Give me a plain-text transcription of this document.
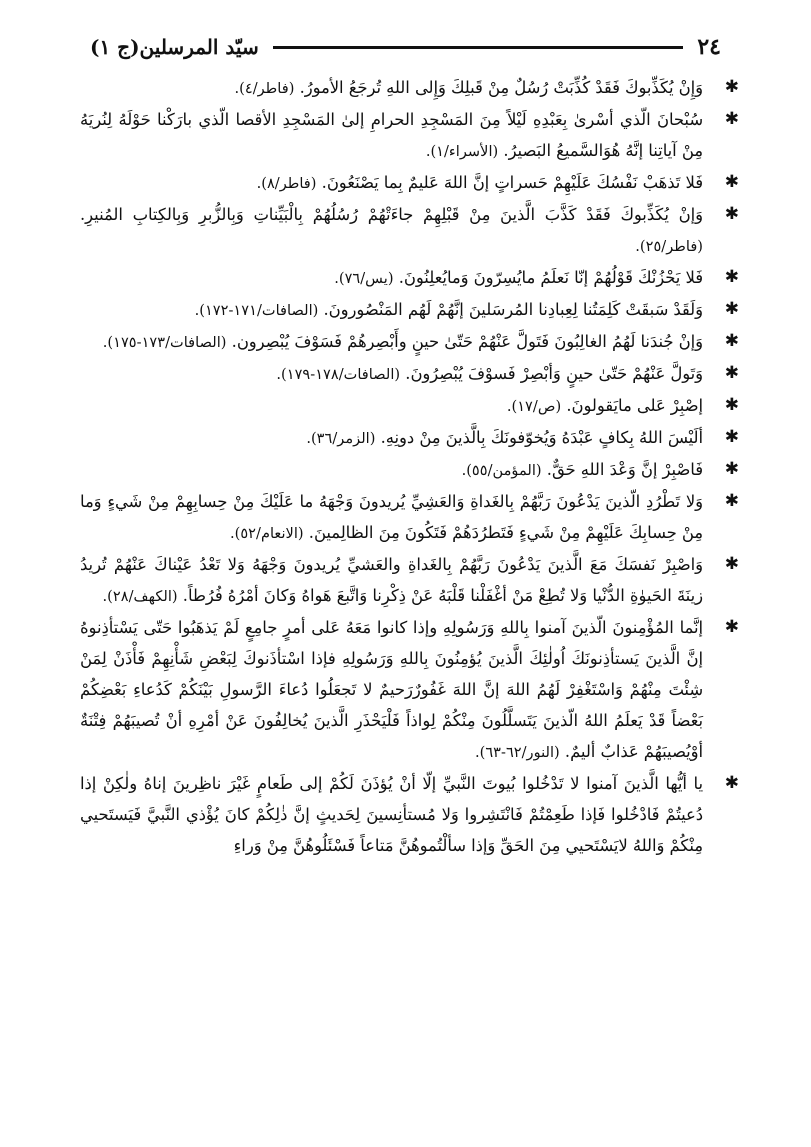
٢٤
سيّد المرسلين(ج ١)

✱
وَإِنْ يُكَذِّبوكَ فَقَدْ كُذِّبَتْ رُسُلٌ مِنْ قَبلِكَ وَإِلى اللهِ تُرجَعُ الأمورُ. (فاطر/٤).

✱
سُبْحانَ الّذي أسْرىٰ بِعَبْدِهِ لَيْلاً مِنَ المَسْجِدِ الحرامِ إلىٰ المَسْجِدِ الأقصا الّذي بارَكْنا حَوْلَهُ لِنُريَهُ مِنْ آياتِنا إنَّهُ هُوَالسَّميعُ البَصيرُ. (الأسراء/١).

✱
فَلا تَذهَبْ نَفْسُكَ عَلَيْهِمْ حَسراتٍ إنَّ اللهَ عَليمٌ بِما يَصْنَعُونَ. (فاطر/٨).

✱
وَإنْ يُكَذِّبوكَ فَقَدْ كَذَّبَ الَّذينَ مِنْ قَبْلِهِمْ جاءَتْهُمْ رُسُلُهُمْ بِالْبَيِّناتِ وَبِالزُّبرِ وَبِالكِتابِ المُنيرِ. (فاطر/٢٥).

✱
فَلا يَحْزُنْكَ قَوْلُهُمْ إنّا نَعلَمُ مايُسِرّونَ وَمايُعلِنُونَ. (يس/٧٦).

✱
وَلَقَدْ سَبقَتْ كَلِمَتُنا لِعِبادِنا المُرسَلينَ إنَّهُمْ لَهُم المَنْصُورونَ. (الصافات/١٧١-١٧٢).

✱
وَإنْ جُندَنا لَهُمُ الغالِبُونَ فَتَولَّ عَنْهُمْ حَتّىٰ حينٍ وأَبْصِرهُمْ فَسَوْفَ يُبْصِرون. (الصافات/١٧٣-١٧٥).

✱
وَتَولَّ عَنْهُمْ حَتّىٰ حينٍ وَأبْصِرْ فَسوْفَ يُبْصِرُونَ. (الصافات/١٧٨-١٧٩).

✱
إصْبِرْ عَلى مايَقولونَ. (ص/١٧).

✱
ألَيْسَ اللهُ بِكافٍ عَبْدَهُ وَيُخوّفونَكَ بِالَّذينَ مِنْ دونِهِ. (الزمر/٣٦).

✱
فَاصْبِرْ إنَّ وَعْدَ اللهِ حَقٌّ. (المؤمن/٥٥).

✱
وَلا تَطْرُدِ الّذينَ يَدْعُونَ رَبَّهُمْ بِالغَداةِ وَالعَشِيِّ يُريدونَ وَجْهَهُ ما عَلَيْكَ مِنْ حِسابِهِمْ مِنْ شَيءٍ وَما مِنْ حِسابِكَ عَلَيْهِمْ مِنْ شَيءٍ فَتَطرُدَهُمْ فَتَكُونَ مِنَ الظالِمينَ. (الانعام/٥٢).

✱
وَاصْبِرْ نَفسَكَ مَعَ الَّذينَ يَدْعُونَ رَبَّهُمْ بِالغَداةِ والعَشيِّ يُريدونَ وَجْهَهُ وَلا تَعْدُ عَيْناكَ عَنْهُمْ تُريدُ زينَةَ الحَيوٰةِ الدُّنْيا وَلا تُطِعْ مَنْ أغْفَلْنا قَلْبَهُ عَنْ ذِكْرِنا وَاتَّبعَ هَواهُ وَكانَ أمْرُهُ فُرُطاً. (الكهف/٢٨).

✱
إنَّما المُؤْمِنونَ الّذينَ آمنوا بِاللهِ وَرَسُولِهِ وإذا كانوا مَعَهُ عَلى أمرٍ جامِعٍ لَمْ يَذهَبُوا حَتّى يَسْتأذِنوهُ إنَّ الَّذينَ يَستأذِنونَكَ اُولٰئِكَ الَّذينَ يُؤمِنُونَ بِاللهِ وَرَسُولِهِ فإذا اسْتأذَنوكَ لِبَعْضِ شَأْنِهِمْ فَأْذَنْ لِمَنْ شِئْتَ مِنْهُمْ وَاسْتَغْفِرْ لَهُمُ اللهَ إنَّ اللهَ غَفُورٌرَحيمٌ لا تَجعَلُوا دُعاءَ الرَّسولِ بَيْنَكُمْ كَدُعاءِ بَعْضِكُمْ بَعْضاً قَدْ يَعلَمُ اللهُ الّذينَ يَتَسلَّلُونَ مِنْكُمْ لِواذاً فَلْيَحْذَرِ الَّذينَ يُخالِفُونَ عَنْ أمْرِهِ أنْ تُصيبَهُمْ فِتْنَةٌ أوْيُصيبَهُمْ عَذابٌ أليمٌ. (النور/٦٢-٦٣).

✱
يا أيُّها الَّذينَ آمنوا لا تَدْخُلوا بُيوتَ النَّبيِّ إلّا أنْ يُؤذَنَ لَكُمْ إلى طَعامٍ غَيْرَ ناظِرينَ إناهُ ولٰكِنْ إذا دُعيتُمْ فَادْخُلوا فَإذا طَعِمْتُمْ فَانْتَشِروا وَلا مُستأنِسينَ لِحَديثٍ إنَّ ذٰلِكُمْ كانَ يُؤْذي النَّبيَّ فَيَستَحيي مِنْكُمْ وَاللهُ لايَسْتَحيي مِنَ الحَقِّ وَإذا سألْتُموهُنَّ مَتاعاً فَسْئَلُوهُنَّ مِنْ وَراءِ
